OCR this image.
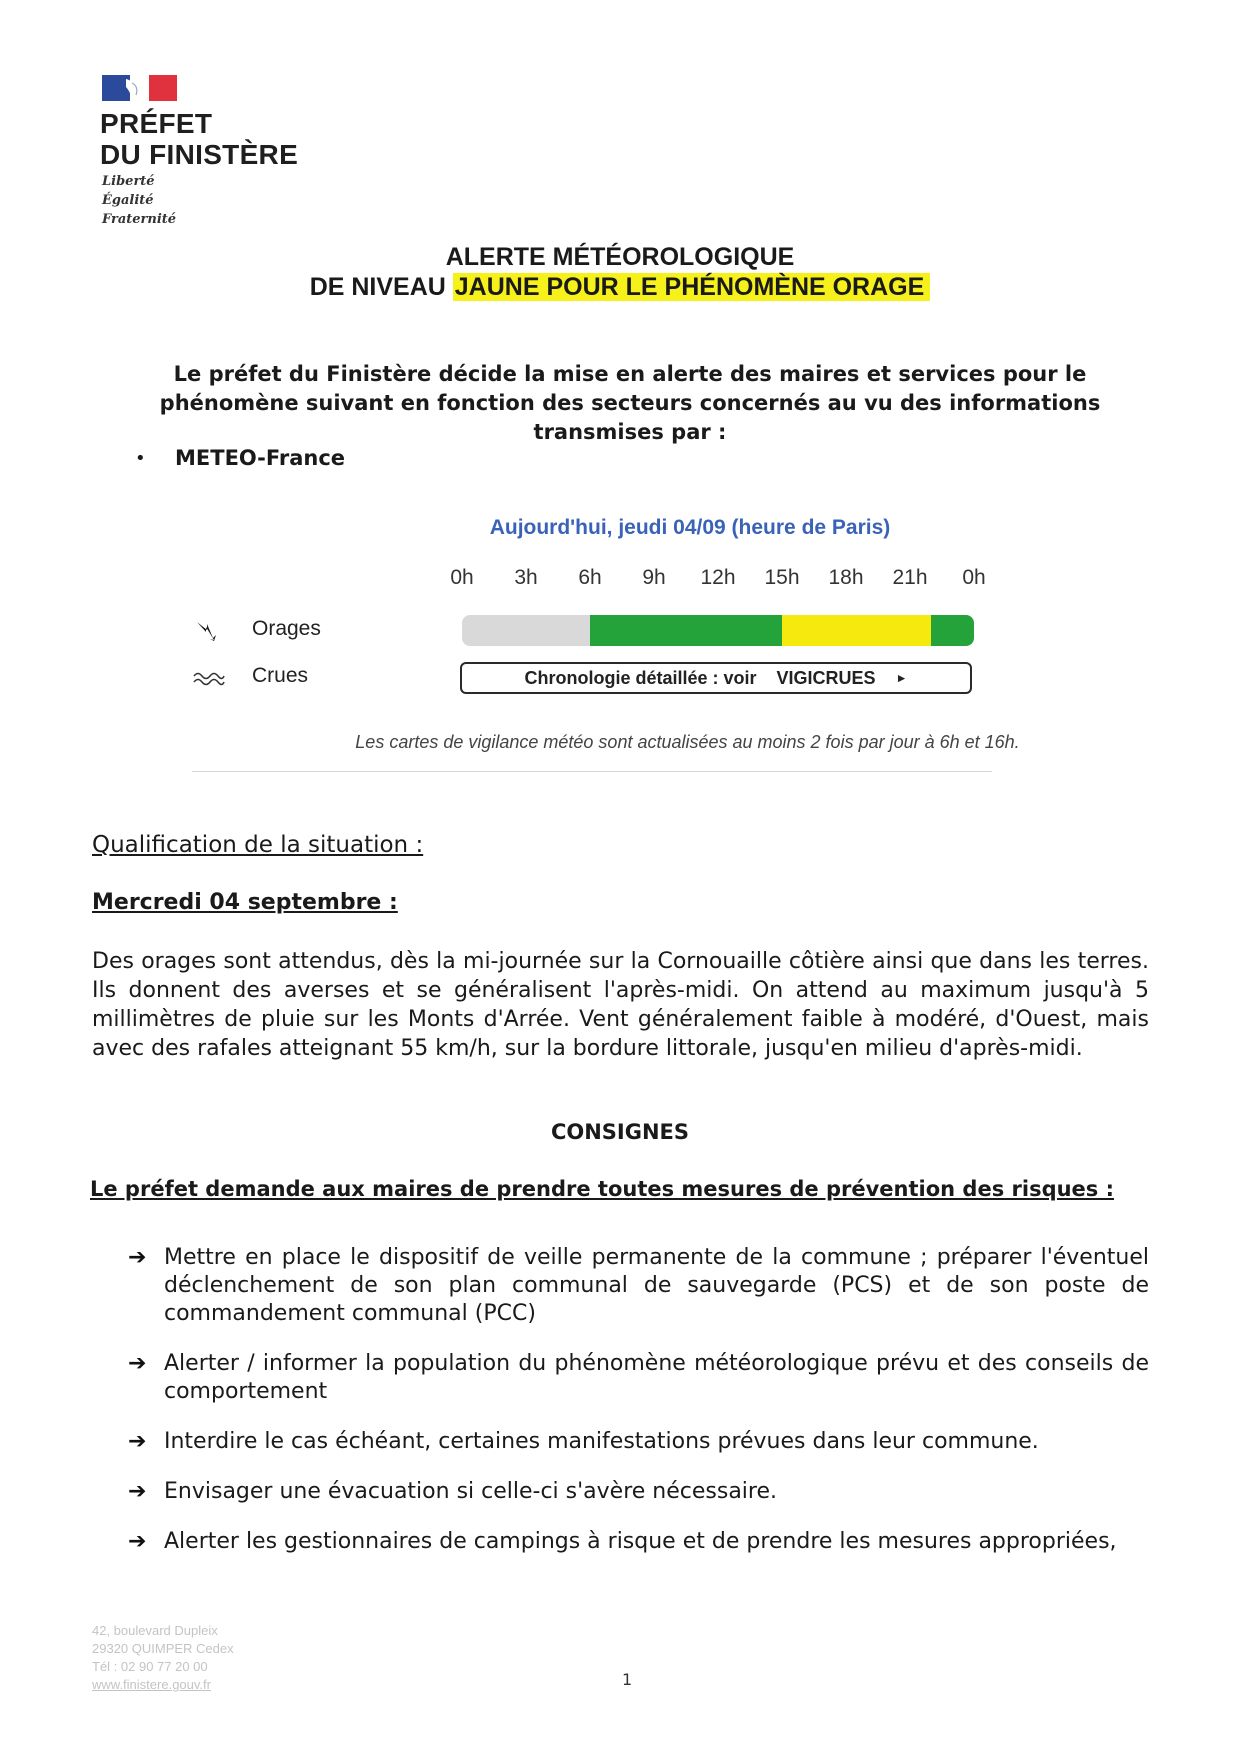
PRÉFET
DU FINISTÈRE
Liberté
Égalité
Fraternité
ALERTE MÉTÉOROLOGIQUE
DE NIVEAU JAUNE POUR LE PHÉNOMÈNE ORAGE
Le préfet du Finistère décide la mise en alerte des maires et services pour le phénomène suivant en fonction des secteurs concernés au vu des informations transmises par :
• METEO-France
Aujourd'hui, jeudi 04/09 (heure de Paris)
0h	3h	6h	9h	12h	15h	18h	21h	0h
Orages
Crues	Chronologie détaillée : voir VIGICRUES ►
Les cartes de vigilance météo sont actualisées au moins 2 fois par jour à 6h et 16h.
Qualification de la situation :
Mercredi 04 septembre :
Des orages sont attendus, dès la mi-journée sur la Cornouaille côtière ainsi que dans les terres. Ils donnent des averses et se généralisent l'après-midi. On attend au maximum jusqu'à 5 millimètres de pluie sur les Monts d'Arrée. Vent généralement faible à modéré, d'Ouest, mais avec des rafales atteignant 55 km/h, sur la bordure littorale, jusqu'en milieu d'après-midi.
CONSIGNES
Le préfet demande aux maires de prendre toutes mesures de prévention des risques :
➔ Mettre en place le dispositif de veille permanente de la commune ; préparer l'éventuel déclenchement de son plan communal de sauvegarde (PCS) et de son poste de commandement communal (PCC)
➔ Alerter / informer la population du phénomène météorologique prévu et des conseils de comportement
➔ Interdire le cas échéant, certaines manifestations prévues dans leur commune.
➔ Envisager une évacuation si celle-ci s'avère nécessaire.
➔ Alerter les gestionnaires de campings à risque et de prendre les mesures appropriées,
42, boulevard Dupleix
29320 QUIMPER Cedex
Tél : 02 90 77 20 00
www.finistere.gouv.fr	1
